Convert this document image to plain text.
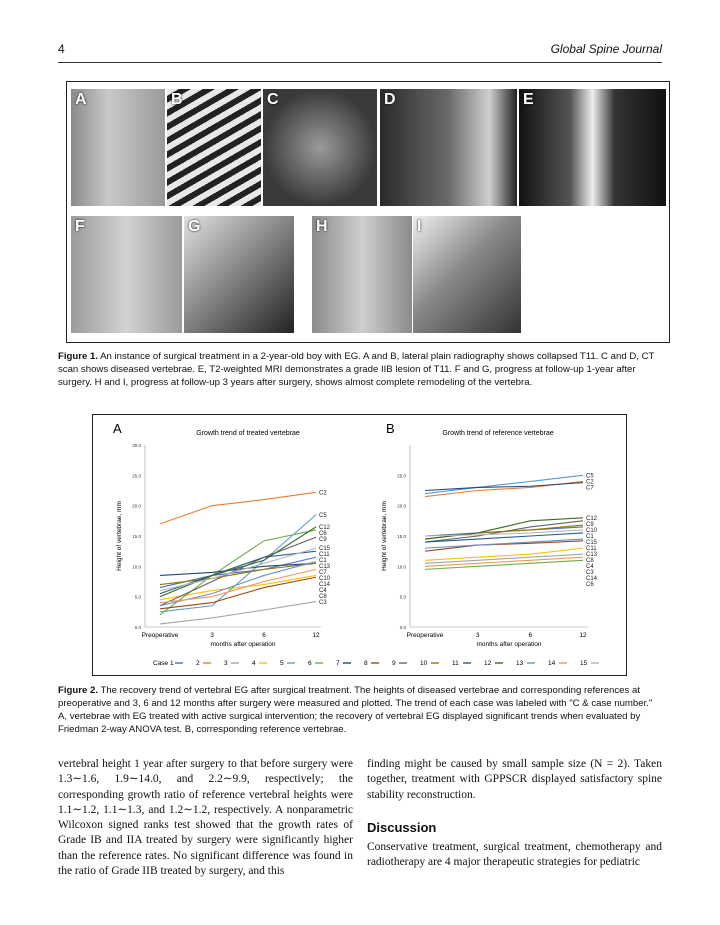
4	Global Spine Journal
A	B	C	D	E
F	G	H	I
Figure 1. An instance of surgical treatment in a 2-year-old boy with EG. A and B, lateral plain radiography shows collapsed T11. C and D, CT scan shows diseased vertebrae. E, T2-weighted MRI demonstrates a grade IIB lesion of T11. F and G, progress at follow-up 1-year after surgery. H and I, progress at follow-up 3 years after surgery, shows almost complete remodeling of the vertebra.
A	Growth trend of treated vertebrae
0.0
5.0
10.0
15.0
20.0
25.0
30.0
Preoperative	3	6	12
months after operation
Height of vertebrae, mm
C2
C5
C12
C6
C9
C15
C11
C1
C13
C7
C10
C14
C4
C8
C3
B	Growth trend of reference vertebrae
0.0
5.0
10.0
15.0
20.0
25.0
Preoperative	3	6	12
months after operation
Height of vertebrae, mm
C5
C2
C7
C12
C9
C10
C1
C15
C11
C13
C8
C4
C3
C14
C6
Case 1	2	3	4	5	6	7	8	9	10	11	12	13	14	15
Figure 2. The recovery trend of vertebral EG after surgical treatment. The heights of diseased vertebrae and corresponding references at preoperative and 3, 6 and 12 months after surgery were measured and plotted. The trend of each case was labeled with "C & case number." A, vertebrae with EG treated with active surgical intervention; the recovery of vertebral EG displayed significant trends when evaluated by Friedman 2-way ANOVA test. B, corresponding reference vertebrae.

vertebral height 1 year after surgery to that before surgery were 1.3∼1.6, 1.9∼14.0, and 2.2∼9.9, respectively; the corresponding growth ratio of reference vertebral heights were 1.1∼1.2, 1.1∼1.3, and 1.2∼1.2, respectively. A nonparametric Wilcoxon signed ranks test showed that the growth rates of Grade IB and IIA treated by surgery were significantly higher than the reference rates. No significant difference was found in the ratio of Grade IIB treated by surgery, and this

finding might be caused by small sample size (N = 2). Taken together, treatment with GPPSCR displayed satisfactory spine stability reconstruction.

Discussion

Conservative treatment, surgical treatment, chemotherapy and radiotherapy are 4 major therapeutic strategies for pediatric
